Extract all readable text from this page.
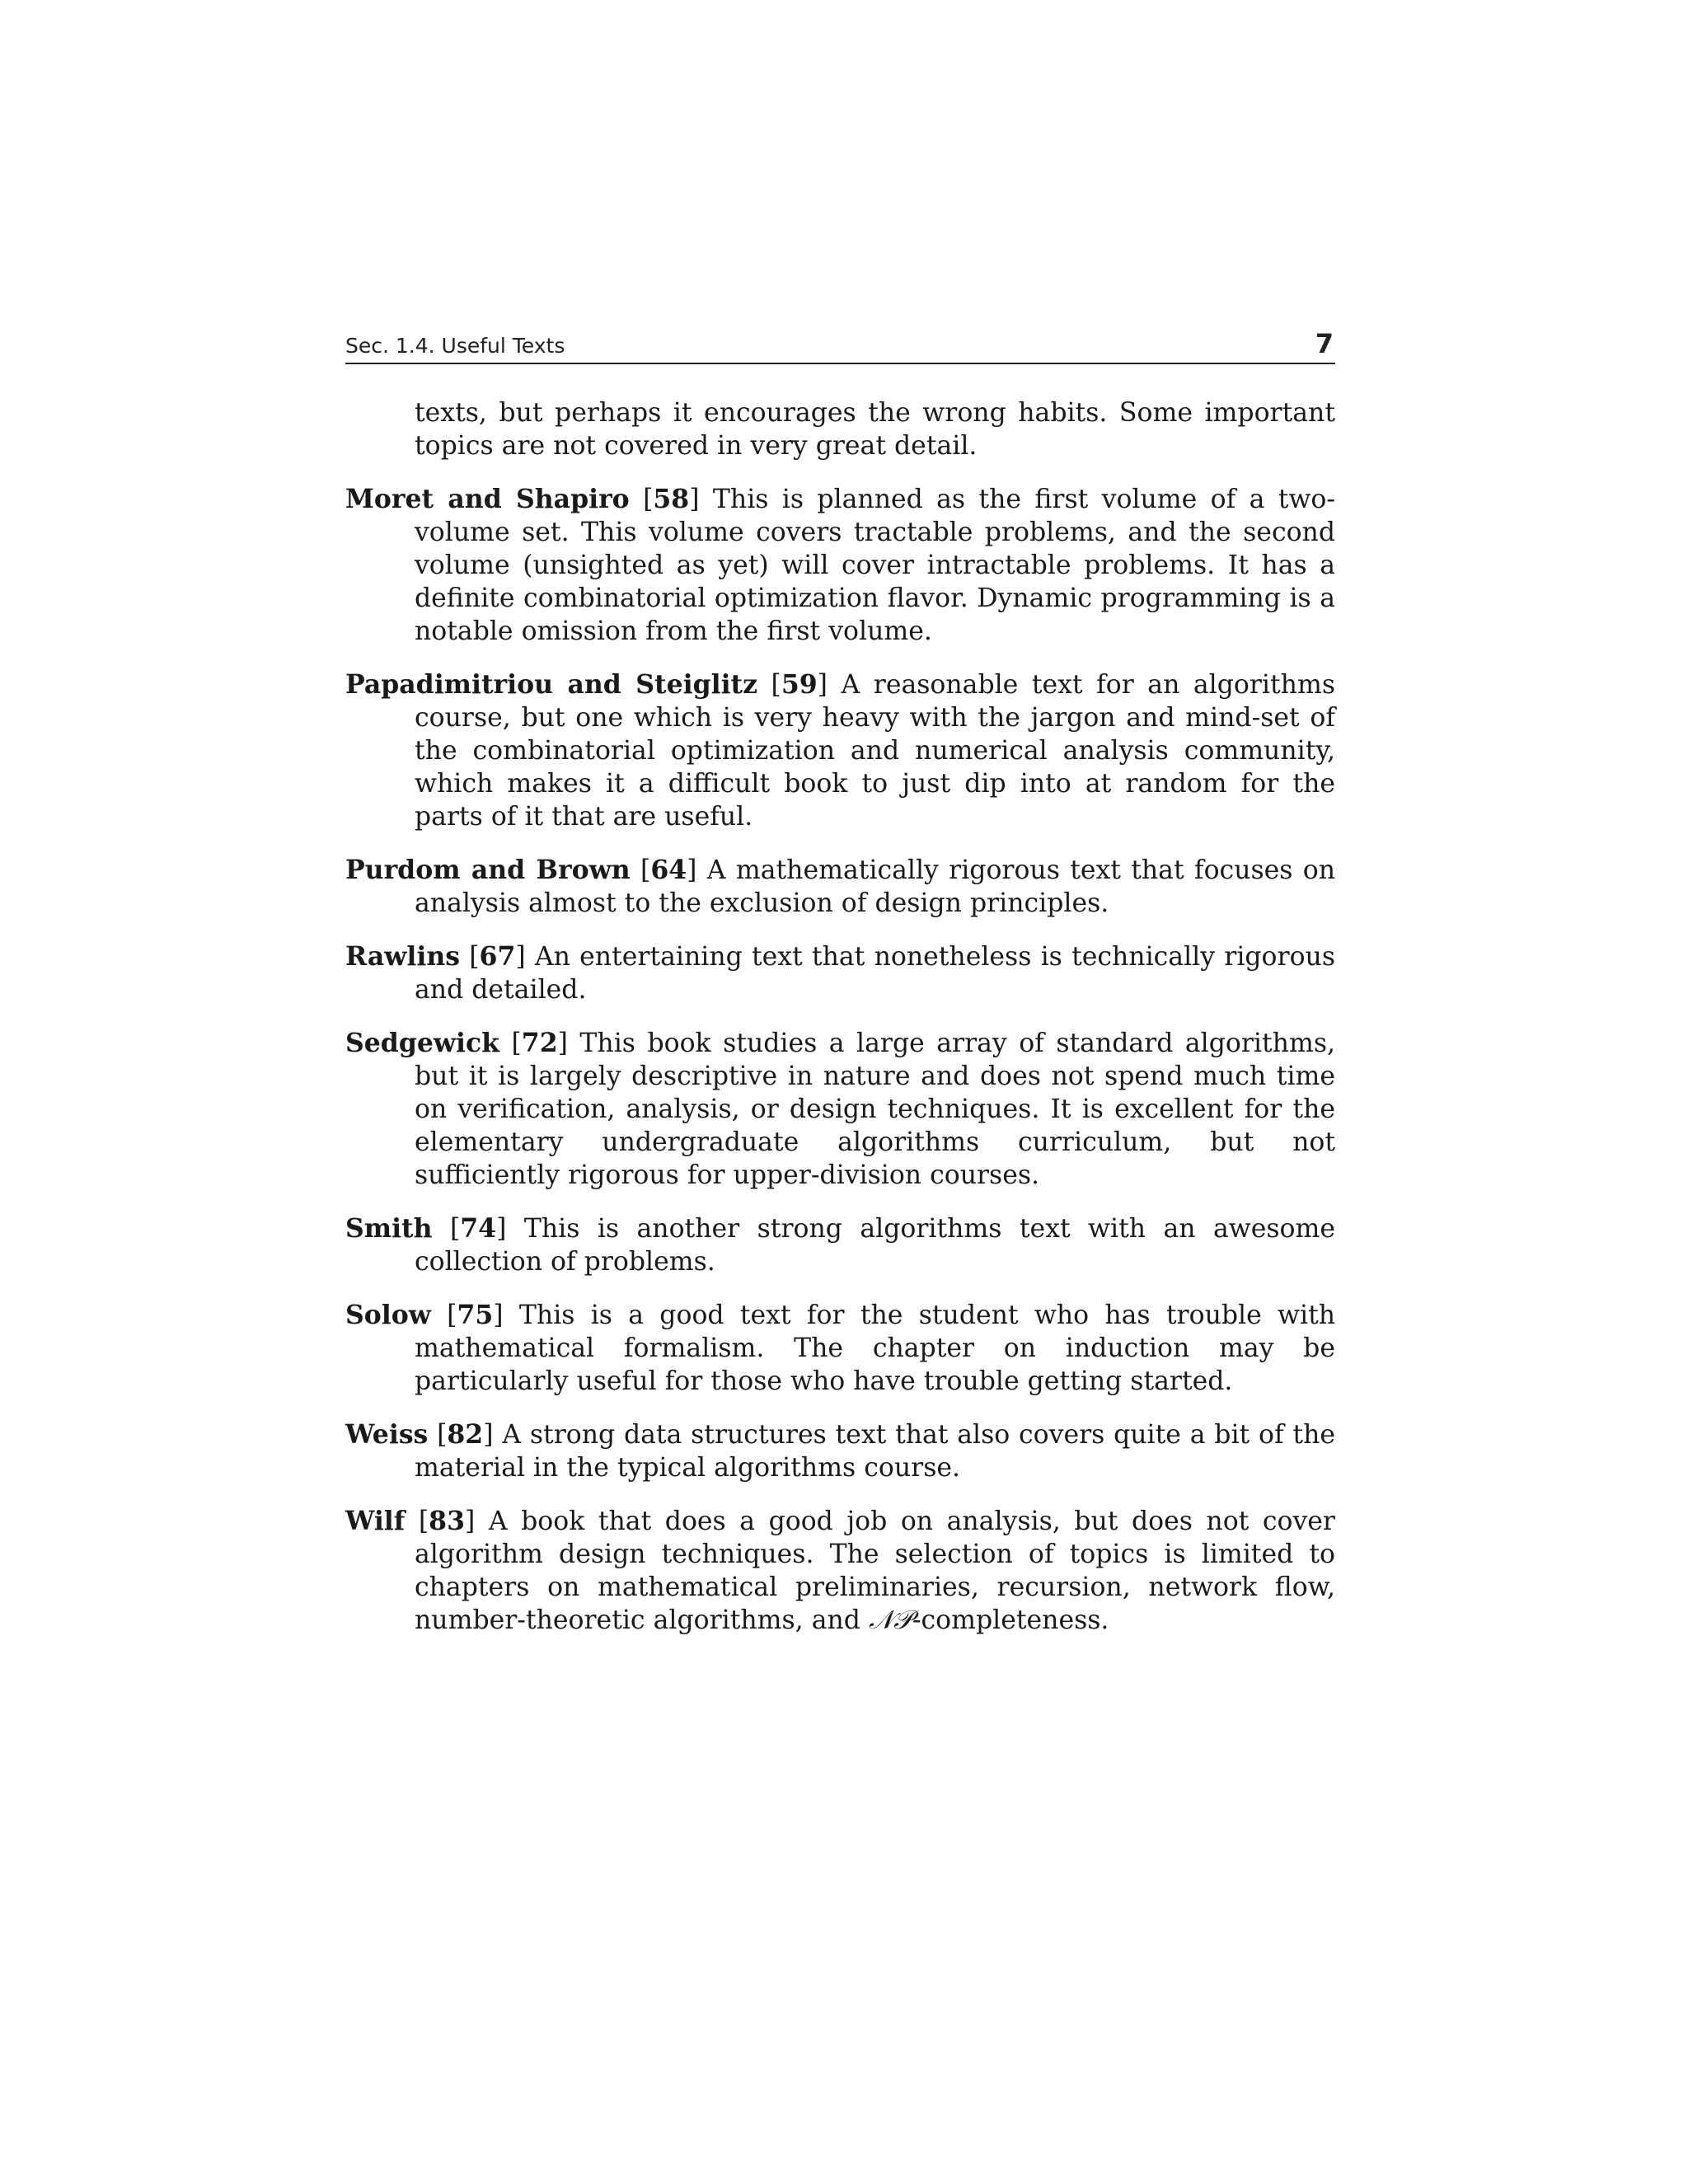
Sec. 1.4. Useful Texts	7

texts, but perhaps it encourages the wrong habits. Some important topics are not covered in very great detail.

Moret and Shapiro [58] This is planned as the first volume of a two-volume set. This volume covers tractable problems, and the second volume (unsighted as yet) will cover intractable problems. It has a definite combinatorial optimization flavor. Dynamic programming is a notable omission from the first volume.

Papadimitriou and Steiglitz [59] A reasonable text for an algorithms course, but one which is very heavy with the jargon and mind-set of the combinatorial optimization and numerical analysis community, which makes it a difficult book to just dip into at random for the parts of it that are useful.

Purdom and Brown [64] A mathematically rigorous text that focuses on analysis almost to the exclusion of design principles.

Rawlins [67] An entertaining text that nonetheless is technically rigorous and detailed.

Sedgewick [72] This book studies a large array of standard algorithms, but it is largely descriptive in nature and does not spend much time on verification, analysis, or design techniques. It is excellent for the elementary undergraduate algorithms curriculum, but not sufficiently rigorous for upper-division courses.

Smith [74] This is another strong algorithms text with an awesome collection of problems.

Solow [75] This is a good text for the student who has trouble with mathematical formalism. The chapter on induction may be particularly useful for those who have trouble getting started.

Weiss [82] A strong data structures text that also covers quite a bit of the material in the typical algorithms course.

Wilf [83] A book that does a good job on analysis, but does not cover algorithm design techniques. The selection of topics is limited to chapters on mathematical preliminaries, recursion, network flow, number-theoretic algorithms, and 𝒩𝒫-completeness.
